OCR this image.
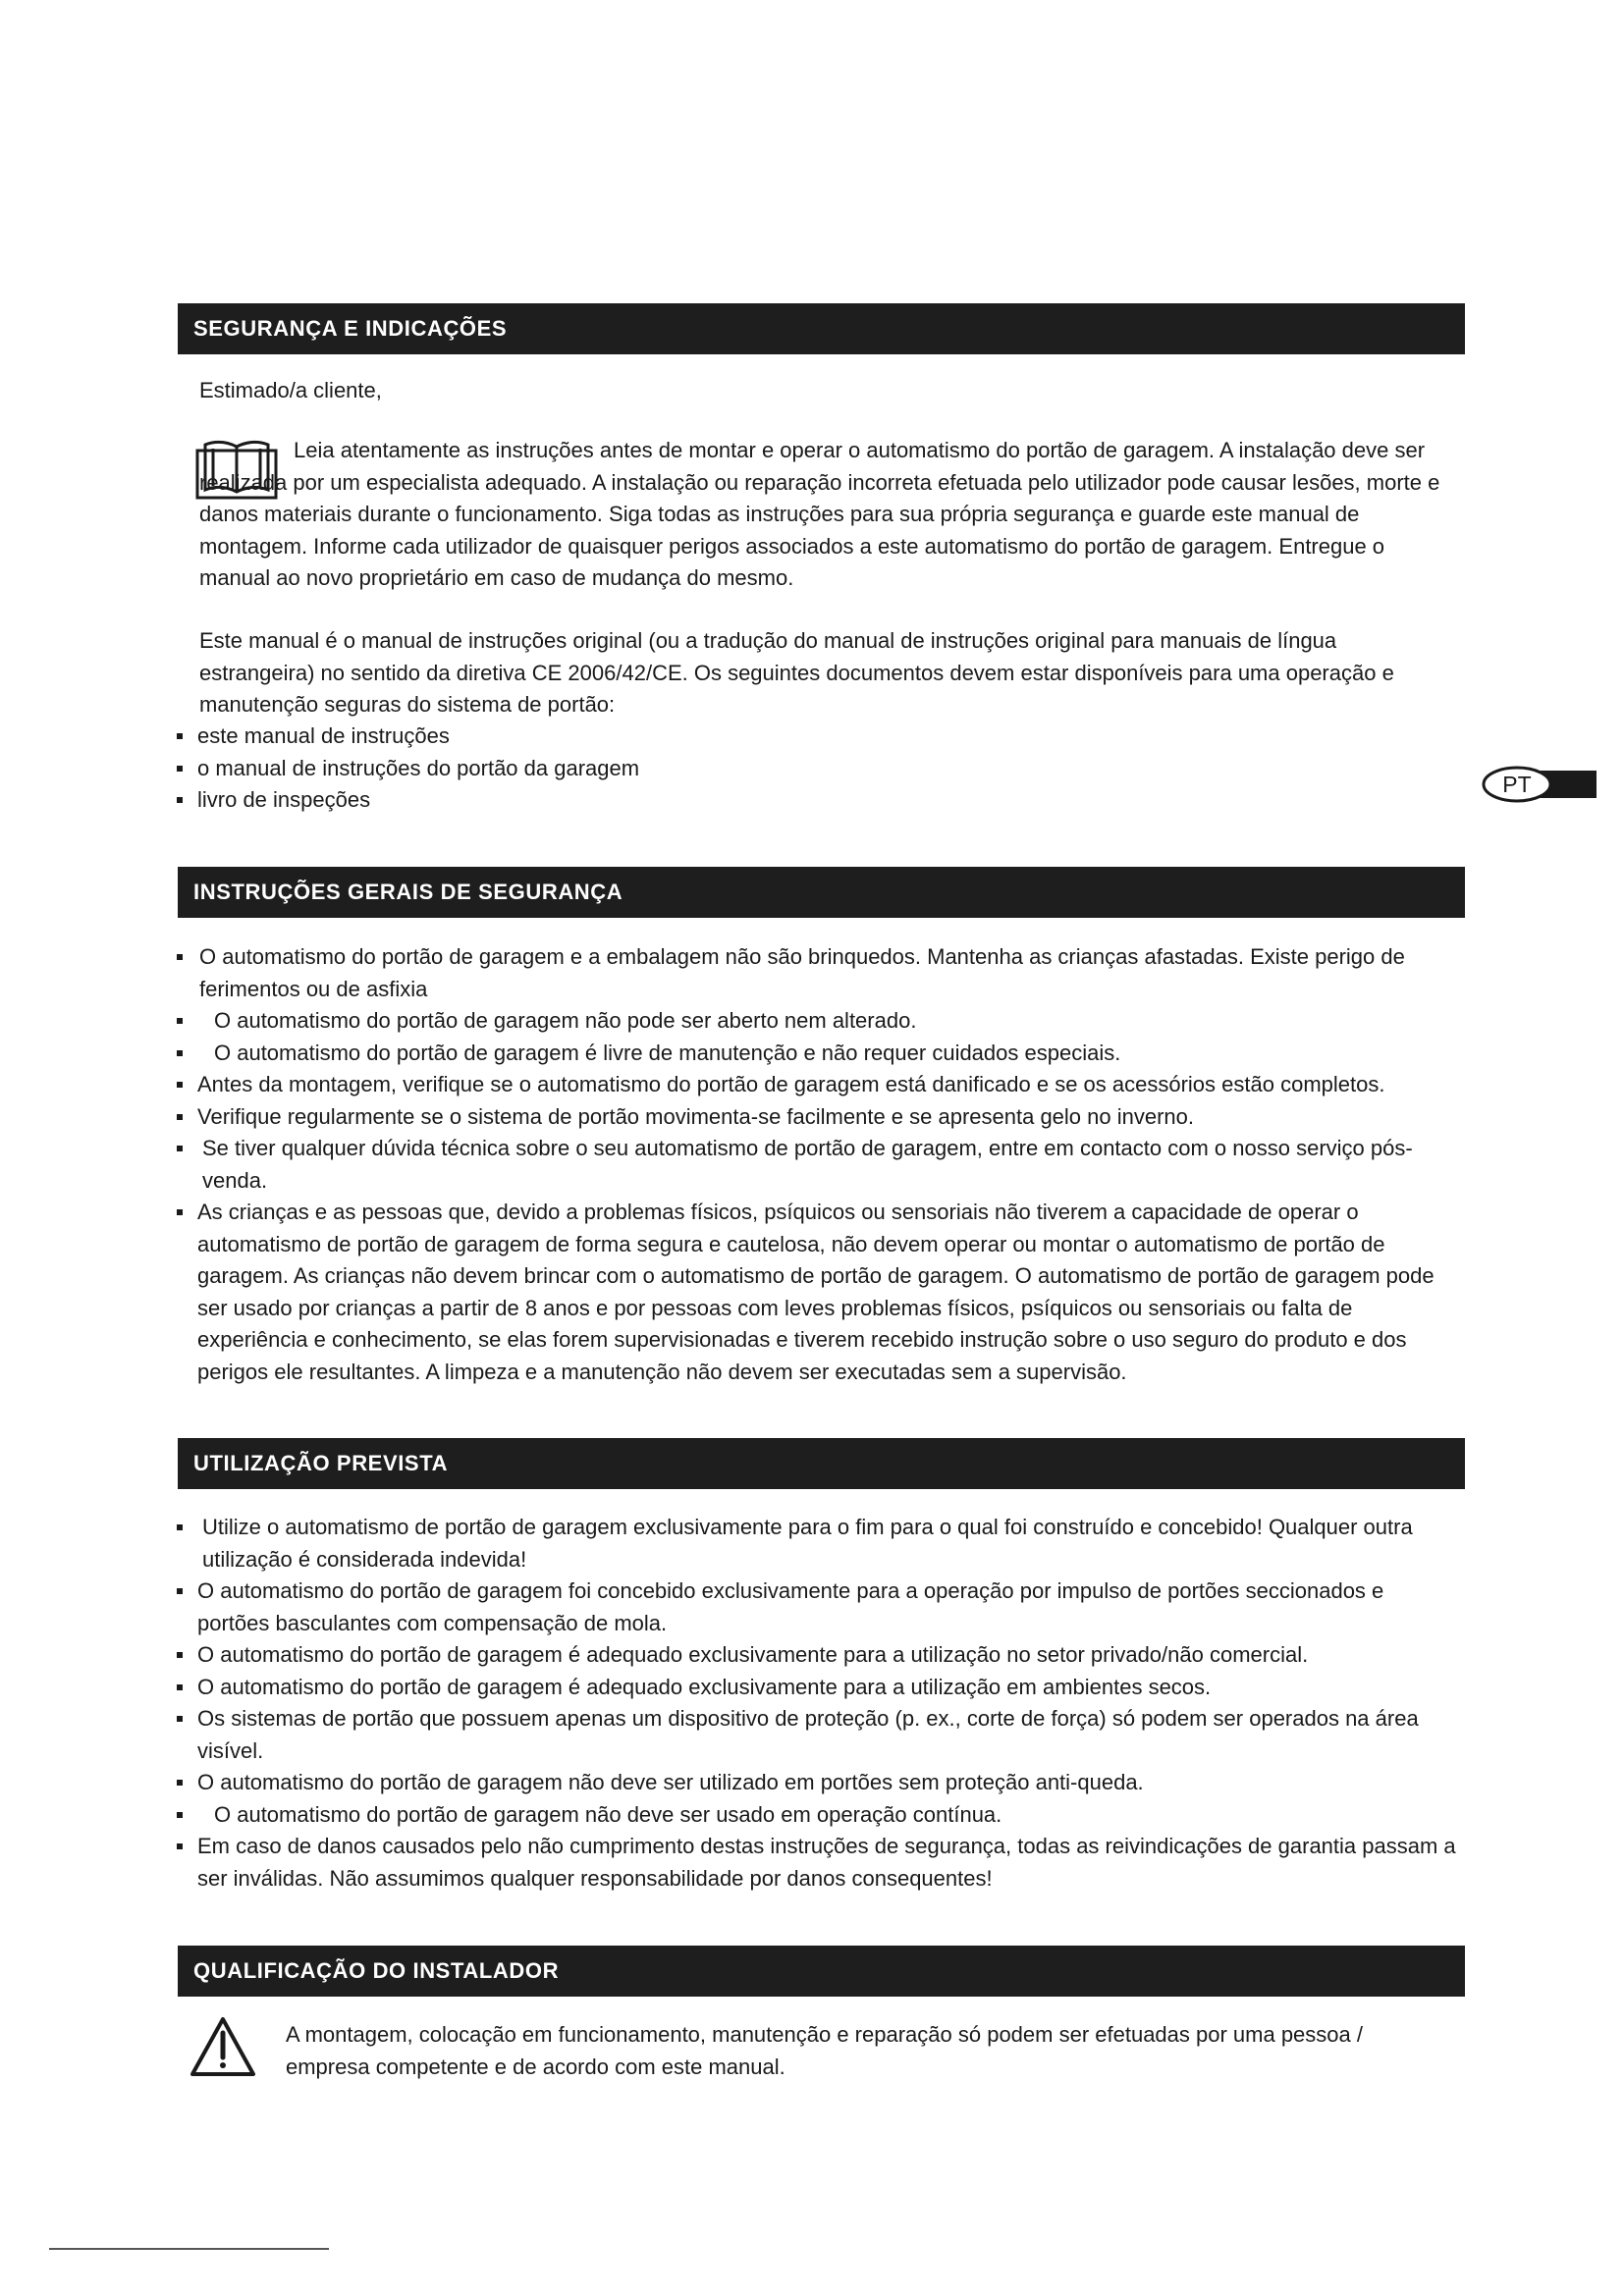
SEGURANÇA E INDICAÇÕES

Estimado/a cliente,

Leia atentamente as instruções antes de montar e operar o automatismo do portão de garagem. A instalação deve ser realizada por um especialista adequado. A instalação ou reparação incorreta efetuada pelo utilizador pode causar lesões, morte e danos materiais durante o funcionamento. Siga todas as instruções para sua própria segurança e guarde este manual de montagem. Informe cada utilizador de quaisquer perigos associados a este automatismo do portão de garagem. Entregue o manual ao novo proprietário em caso de mudança do mesmo.

Este manual é o manual de instruções original (ou a tradução do manual de instruções original para manuais de língua estrangeira) no sentido da diretiva CE 2006/42/CE. Os seguintes documentos devem estar disponíveis para uma operação e manutenção seguras do sistema de portão:

este manual de instruções
o manual de instruções do portão da garagem
livro de inspeções
PT
INSTRUÇÕES GERAIS DE SEGURANÇA
O automatismo do portão de garagem e a embalagem não são brinquedos. Mantenha as crianças afastadas. Existe perigo de ferimentos ou de asfixia
O automatismo do portão de garagem não pode ser aberto nem alterado.
O automatismo do portão de garagem é livre de manutenção e não requer cuidados especiais.
Antes da montagem, verifique se o automatismo do portão de garagem está danificado e se os acessórios estão completos.
Verifique regularmente se o sistema de portão movimenta-se facilmente e se apresenta gelo no inverno.
Se tiver qualquer dúvida técnica sobre o seu automatismo de portão de garagem, entre em contacto com o nosso serviço pós-venda.
As crianças e as pessoas que, devido a problemas físicos, psíquicos ou sensoriais não tiverem a capacidade de operar o automatismo de portão de garagem de forma segura e cautelosa, não devem operar ou montar o automatismo de portão de garagem. As crianças não devem brincar com o automatismo de portão de garagem. O automatismo de portão de garagem pode ser usado por crianças a partir de 8 anos e por pessoas com leves problemas físicos, psíquicos ou sensoriais ou falta de experiência e conhecimento, se elas forem supervisionadas e tiverem recebido instrução sobre o uso seguro do produto e dos perigos ele resultantes. A limpeza e a manutenção não devem ser executadas sem a supervisão.
UTILIZAÇÃO PREVISTA
Utilize o automatismo de portão de garagem exclusivamente para o fim para o qual foi construído e concebido! Qualquer outra utilização é considerada indevida!
O automatismo do portão de garagem foi concebido exclusivamente para a operação por impulso de portões seccionados e portões basculantes com compensação de mola.
O automatismo do portão de garagem é adequado exclusivamente para a utilização no setor privado/não comercial.
O automatismo do portão de garagem é adequado exclusivamente para a utilização em ambientes secos.
Os sistemas de portão que possuem apenas um dispositivo de proteção (p. ex., corte de força) só podem ser operados na área visível.
O automatismo do portão de garagem não deve ser utilizado em portões sem proteção anti-queda.
O automatismo do portão de garagem não deve ser usado em operação contínua.
Em caso de danos causados pelo não cumprimento destas instruções de segurança, todas as reivindicações de garantia passam a ser inválidas. Não assumimos qualquer responsabilidade por danos consequentes!
QUALIFICAÇÃO DO INSTALADOR

A montagem, colocação em funcionamento, manutenção e reparação só podem ser efetuadas por uma pessoa / empresa competente e de acordo com este manual.
